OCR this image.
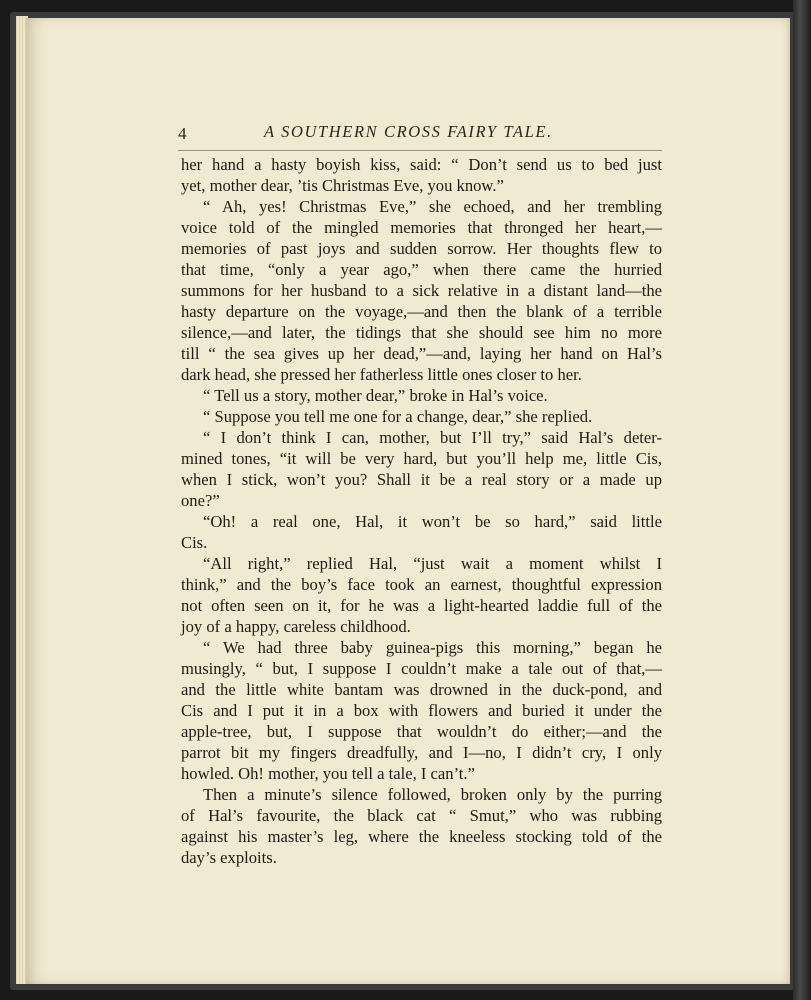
4	A SOUTHERN CROSS FAIRY TALE.
her hand a hasty boyish kiss, said: “ Don’t send us to bed just
yet, mother dear, ’tis Christmas Eve, you know.”
“ Ah, yes! Christmas Eve,” she echoed, and her trembling
voice told of the mingled memories that thronged her heart,—
memories of past joys and sudden sorrow. Her thoughts flew to
that time, “only a year ago,” when there came the hurried
summons for her husband to a sick relative in a distant land—the
hasty departure on the voyage,—and then the blank of a terrible
silence,—and later, the tidings that she should see him no more
till “ the sea gives up her dead,”—and, laying her hand on Hal’s
dark head, she pressed her fatherless little ones closer to her.
“ Tell us a story, mother dear,” broke in Hal’s voice.
“ Suppose you tell me one for a change, dear,” she replied.
“ I don’t think I can, mother, but I’ll try,” said Hal’s deter-
mined tones, “it will be very hard, but you’ll help me, little Cis,
when I stick, won’t you? Shall it be a real story or a made up
one?”
“Oh! a real one, Hal, it won’t be so hard,” said little
Cis.
“All right,” replied Hal, “just wait a moment whilst I
think,” and the boy’s face took an earnest, thoughtful expression
not often seen on it, for he was a light-hearted laddie full of the
joy of a happy, careless childhood.
“ We had three baby guinea-pigs this morning,” began he
musingly, “ but, I suppose I couldn’t make a tale out of that,—
and the little white bantam was drowned in the duck-pond, and
Cis and I put it in a box with flowers and buried it under the
apple-tree, but, I suppose that wouldn’t do either;—and the
parrot bit my fingers dreadfully, and I—no, I didn’t cry, I only
howled. Oh! mother, you tell a tale, I can’t.”
Then a minute’s silence followed, broken only by the purring
of Hal’s favourite, the black cat “ Smut,” who was rubbing
against his master’s leg, where the kneeless stocking told of the
day’s exploits.
